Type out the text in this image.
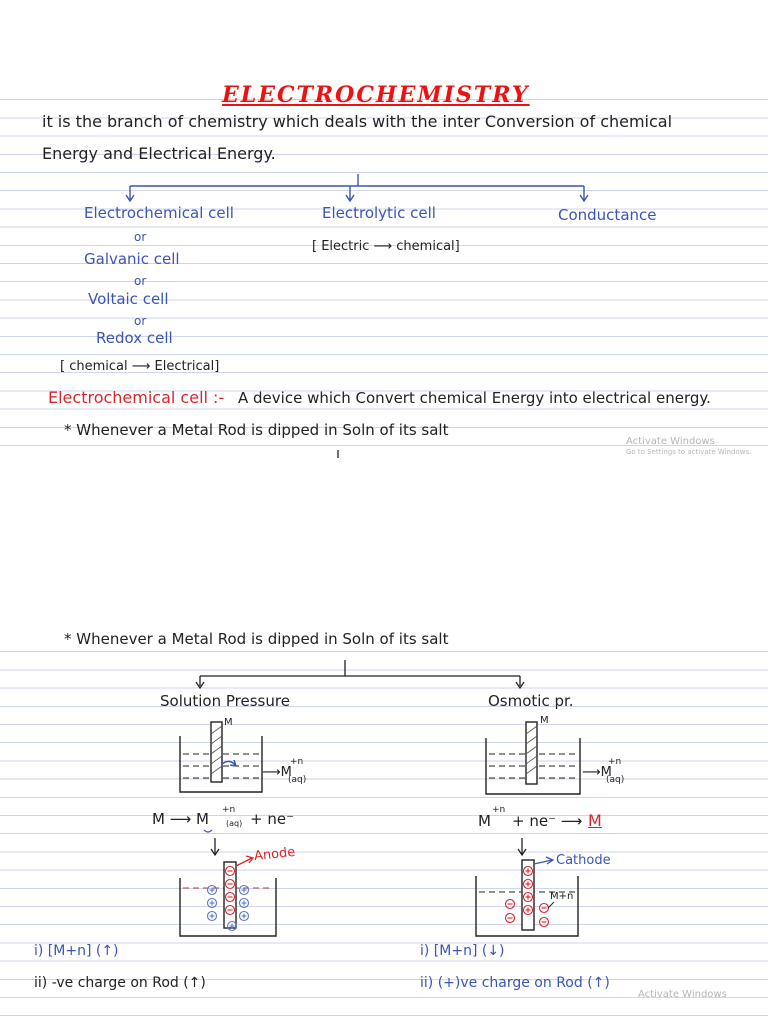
ELECTROCHEMISTRY
it is the branch of chemistry which deals with the inter Conversion of chemical
Energy and Electrical Energy.
Electrochemical cell
or
Galvanic cell
or
Voltaic cell
or
Redox cell
[ chemical ⟶ Electrical]
Electrolytic cell
[ Electric ⟶ chemical]
Conductance
Electrochemical cell :- A device which Convert chemical Energy into electrical energy.
* Whenever a Metal Rod is dipped in Soln of its salt
Activate Windows
Go to Settings to activate Windows.
* Whenever a Metal Rod is dipped in Soln of its salt
Solution Pressure
M
⟶M
+n
(aq)
M ⟶ M +n
(aq) + ne⁻
Anode
i) [M+n] (↑)
ii) -ve charge on Rod (↑)
Osmotic pr.
M
⟶M
+n
(aq)
M
+n
+ ne⁻ ⟶ M
Cathode
M+n
i) [M+n] (↓)
ii) (+)ve charge on Rod (↑)
Activate Windows
